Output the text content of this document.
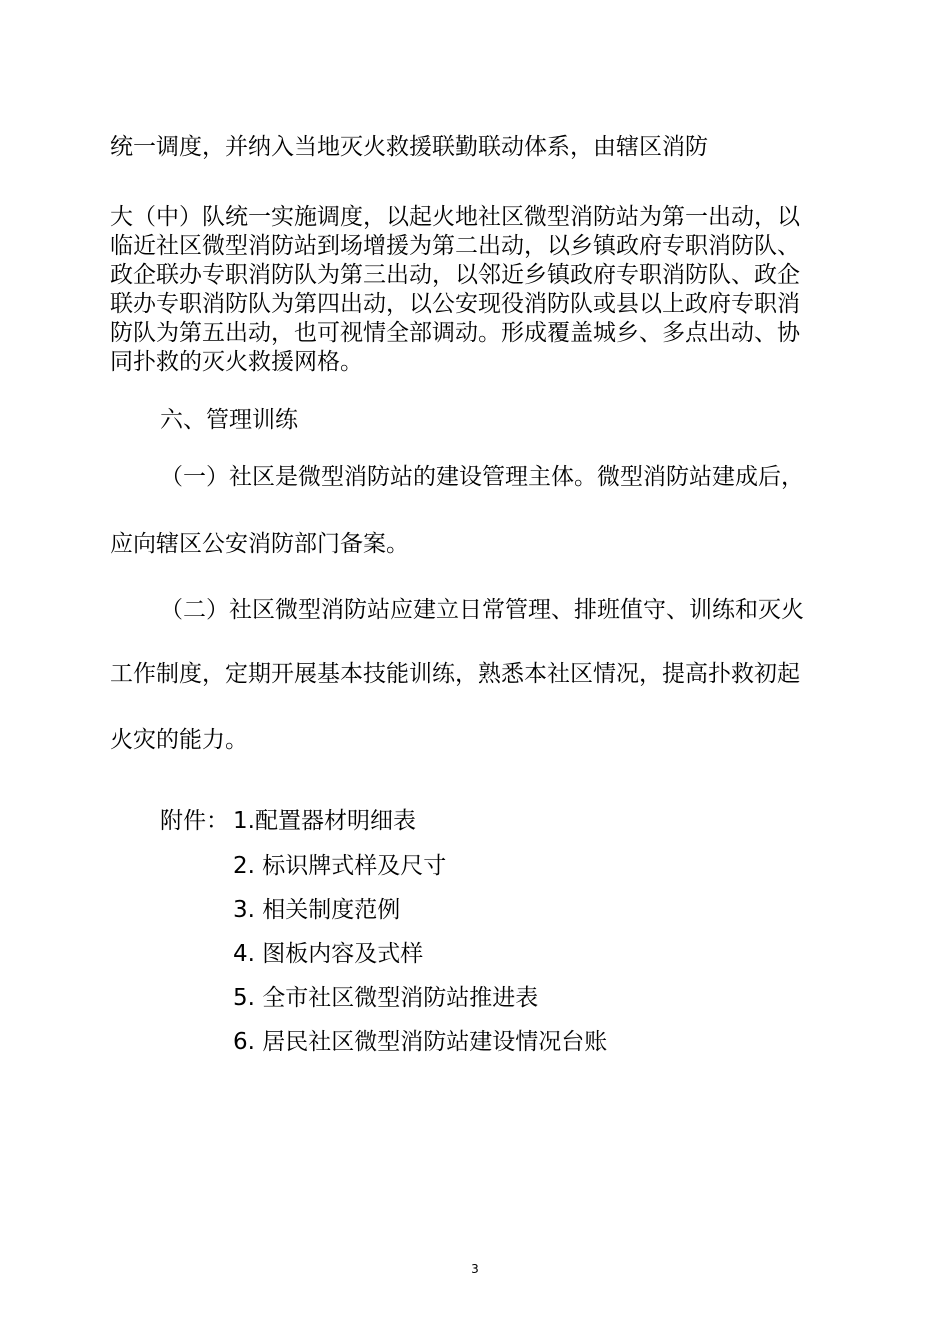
统一调度，并纳入当地灭火救援联勤联动体系，由辖区消防
大（中）队统一实施调度，以起火地社区微型消防站为第一出动，以
临近社区微型消防站到场增援为第二出动，以乡镇政府专职消防队、
政企联办专职消防队为第三出动，以邻近乡镇政府专职消防队、政企
联办专职消防队为第四出动，以公安现役消防队或县以上政府专职消
防队为第五出动，也可视情全部调动。形成覆盖城乡、多点出动、协
同扑救的灭火救援网格。
六、管理训练
（一）社区是微型消防站的建设管理主体。微型消防站建成后，
应向辖区公安消防部门备案。
（二）社区微型消防站应建立日常管理、排班值守、训练和灭火
工作制度，定期开展基本技能训练，熟悉本社区情况，提高扑救初起
火灾的能力。
附件： 1.配置器材明细表
2. 标识牌式样及尺寸
3. 相关制度范例
4. 图板内容及式样
5. 全市社区微型消防站推进表
6. 居民社区微型消防站建设情况台账
3
